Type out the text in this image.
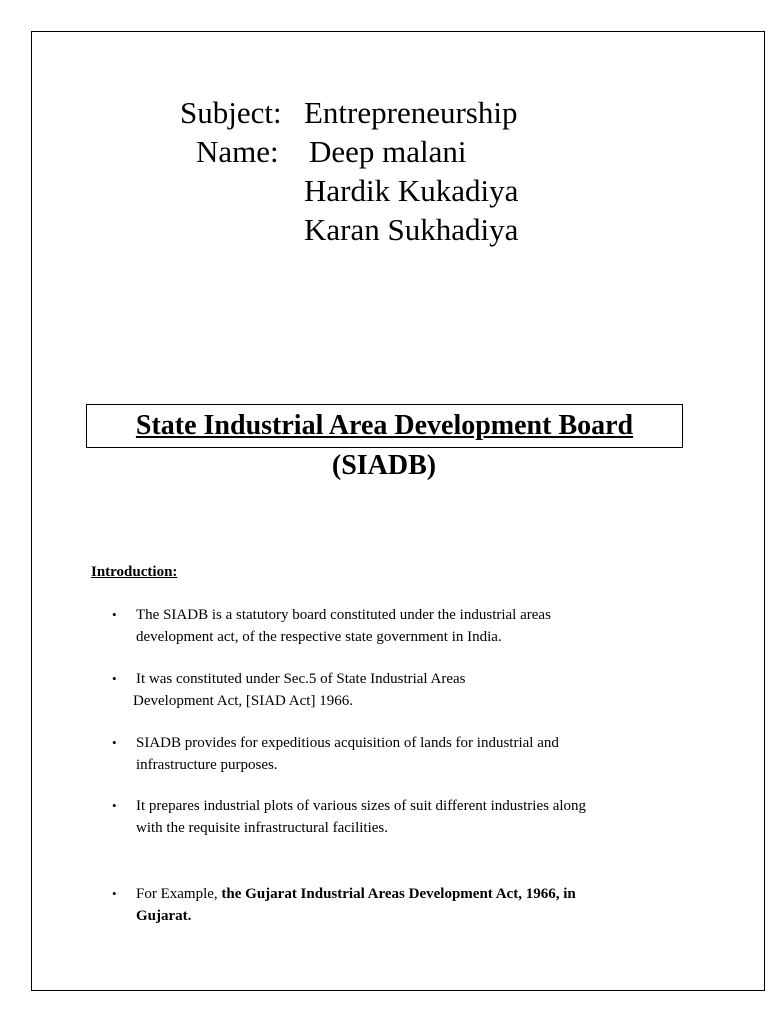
Subject: Entrepreneurship
Name: Deep malani
Hardik Kukadiya
Karan Sukhadiya
State Industrial Area Development Board
(SIADB)
Introduction:
•	The SIADB is a statutory board constituted under the industrial areas
development act, of the respective state government in India.
•	It was constituted under Sec.5 of State Industrial Areas
Development Act, [SIAD Act] 1966.
•	SIADB provides for expeditious acquisition of lands for industrial and
infrastructure purposes.
•	It prepares industrial plots of various sizes of suit different industries along
with the requisite infrastructural facilities.
•	For Example, the Gujarat Industrial Areas Development Act, 1966, in
Gujarat.
